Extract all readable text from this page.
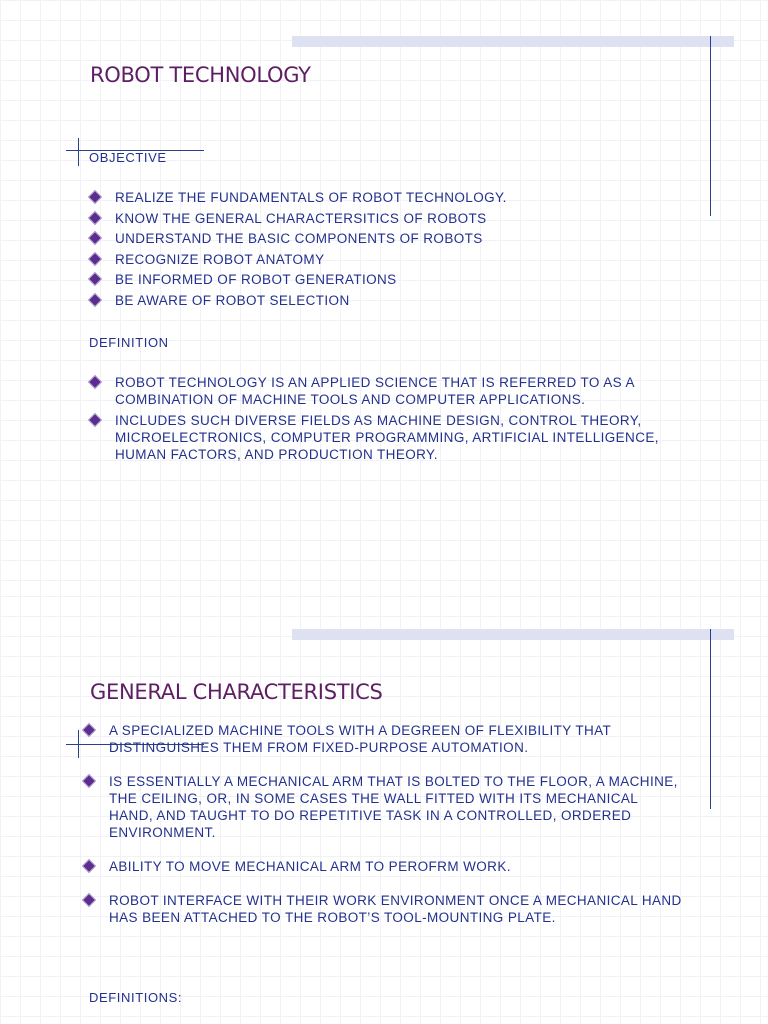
ROBOT TECHNOLOGY
OBJECTIVE
REALIZE THE FUNDAMENTALS OF ROBOT TECHNOLOGY.
KNOW THE GENERAL CHARACTERSITICS OF ROBOTS
UNDERSTAND THE BASIC COMPONENTS OF ROBOTS
RECOGNIZE ROBOT ANATOMY
BE INFORMED OF ROBOT GENERATIONS
BE AWARE OF ROBOT SELECTION
DEFINITION
ROBOT TECHNOLOGY IS AN APPLIED SCIENCE THAT IS REFERRED TO AS A COMBINATION OF MACHINE TOOLS AND COMPUTER APPLICATIONS.
INCLUDES SUCH DIVERSE FIELDS AS MACHINE DESIGN, CONTROL THEORY, MICROELECTRONICS, COMPUTER PROGRAMMING, ARTIFICIAL INTELLIGENCE, HUMAN FACTORS, AND PRODUCTION THEORY.
GENERAL CHARACTERISTICS
A SPECIALIZED MACHINE TOOLS WITH A DEGREEN OF FLEXIBILITY THAT DISTINGUISHES THEM FROM FIXED-PURPOSE AUTOMATION.
IS ESSENTIALLY A MECHANICAL ARM THAT IS BOLTED TO THE FLOOR, A MACHINE, THE CEILING, OR, IN SOME CASES THE WALL FITTED WITH ITS MECHANICAL HAND, AND TAUGHT TO DO REPETITIVE TASK IN A CONTROLLED, ORDERED ENVIRONMENT.
ABILITY TO MOVE MECHANICAL ARM TO PEROFRM WORK.
ROBOT INTERFACE WITH THEIR WORK ENVIRONMENT ONCE A MECHANICAL HAND HAS BEEN ATTACHED TO THE ROBOT’S TOOL-MOUNTING PLATE.
DEFINITIONS:
